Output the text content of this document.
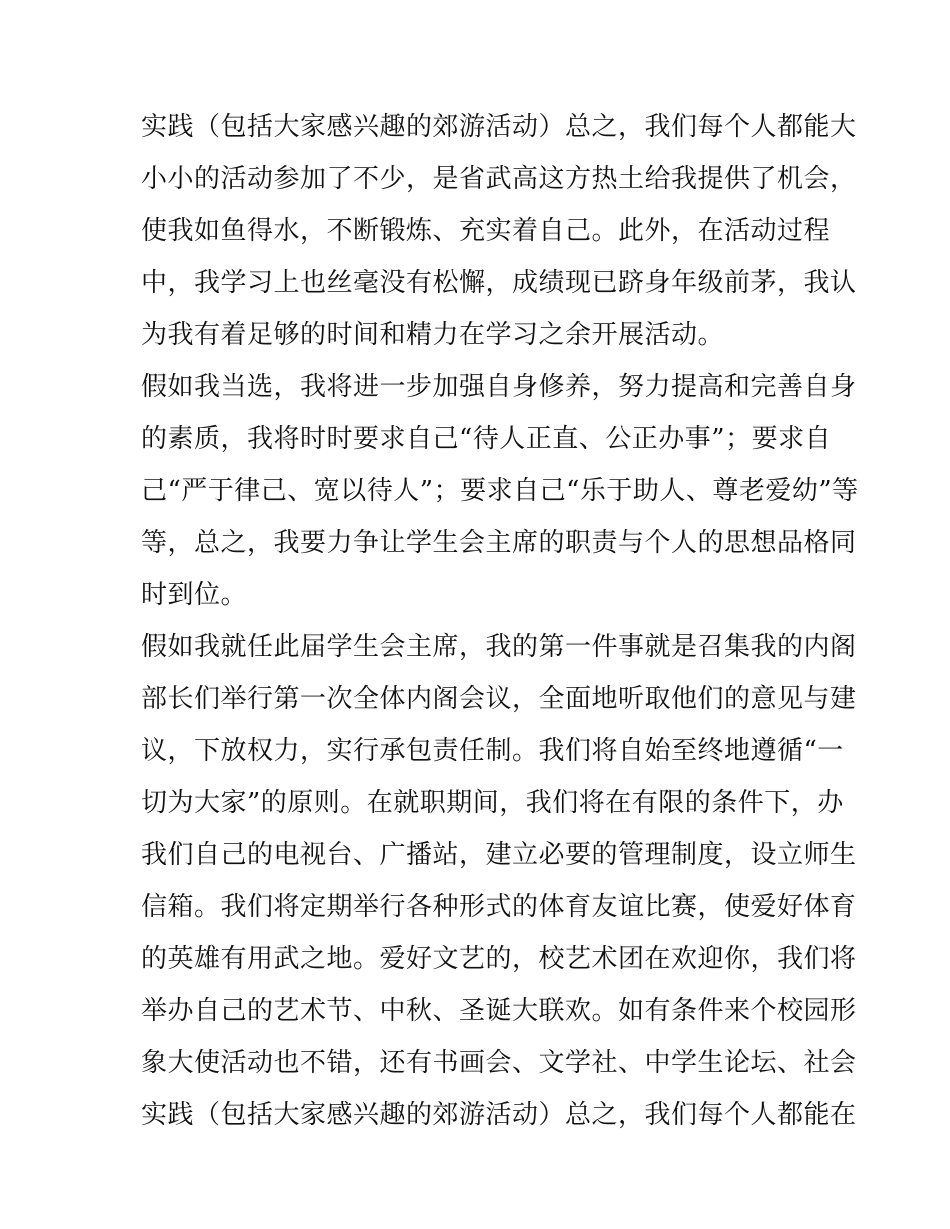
实践（包括大家感兴趣的郊游活动）总之，我们每个人都能大
小小的活动参加了不少，是省武高这方热土给我提供了机会，
使我如鱼得水，不断锻炼、充实着自己。此外，在活动过程
中，我学习上也丝毫没有松懈，成绩现已跻身年级前茅，我认
为我有着足够的时间和精力在学习之余开展活动。
假如我当选，我将进一步加强自身修养，努力提高和完善自身
的素质，我将时时要求自己“待人正直、公正办事”；要求自
己“严于律己、宽以待人”；要求自己“乐于助人、尊老爱幼”等
等，总之，我要力争让学生会主席的职责与个人的思想品格同
时到位。
假如我就任此届学生会主席，我的第一件事就是召集我的内阁
部长们举行第一次全体内阁会议，全面地听取他们的意见与建
议，下放权力，实行承包责任制。我们将自始至终地遵循“一
切为大家”的原则。在就职期间，我们将在有限的条件下，办
我们自己的电视台、广播站，建立必要的管理制度，设立师生
信箱。我们将定期举行各种形式的体育友谊比赛，使爱好体育
的英雄有用武之地。爱好文艺的，校艺术团在欢迎你，我们将
举办自己的艺术节、中秋、圣诞大联欢。如有条件来个校园形
象大使活动也不错，还有书画会、文学社、中学生论坛、社会
实践（包括大家感兴趣的郊游活动）总之，我们每个人都能在
